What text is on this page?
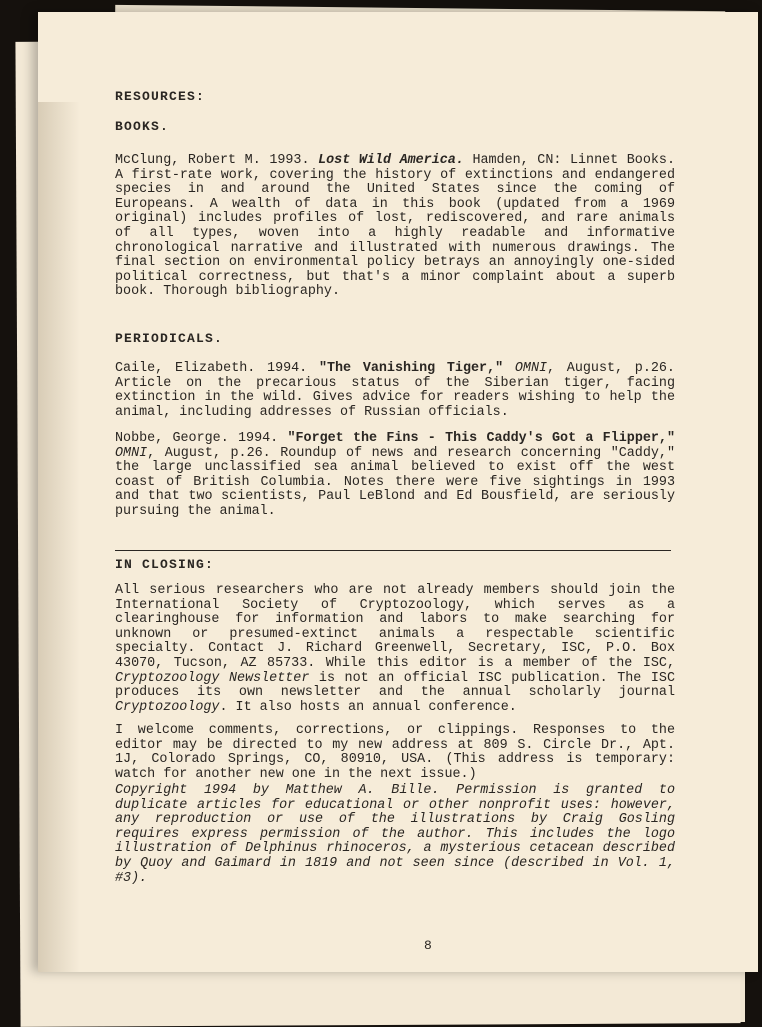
RESOURCES:
BOOKS.

McClung, Robert M. 1993. Lost Wild America. Hamden, CN: Linnet Books. A first-rate work, covering the history of extinctions and endangered species in and around the United States since the coming of Europeans. A wealth of data in this book (updated from a 1969 original) includes profiles of lost, rediscovered, and rare animals of all types, woven into a highly readable and informative chronological narrative and illustrated with numerous drawings. The final section on environmental policy betrays an annoyingly one-sided political correctness, but that's a minor complaint about a superb book. Thorough bibliography.

PERIODICALS.

Caile, Elizabeth. 1994. "The Vanishing Tiger," OMNI, August, p.26. Article on the precarious status of the Siberian tiger, facing extinction in the wild. Gives advice for readers wishing to help the animal, including addresses of Russian officials.

Nobbe, George. 1994. "Forget the Fins - This Caddy's Got a Flipper," OMNI, August, p.26. Roundup of news and research concerning "Caddy," the large unclassified sea animal believed to exist off the west coast of British Columbia. Notes there were five sightings in 1993 and that two scientists, Paul LeBlond and Ed Bousfield, are seriously pursuing the animal.

IN CLOSING:

All serious researchers who are not already members should join the International Society of Cryptozoology, which serves as a clearinghouse for information and labors to make searching for unknown or presumed-extinct animals a respectable scientific specialty. Contact J. Richard Greenwell, Secretary, ISC, P.O. Box 43070, Tucson, AZ 85733. While this editor is a member of the ISC, Cryptozoology Newsletter is not an official ISC publication. The ISC produces its own newsletter and the annual scholarly journal Cryptozoology. It also hosts an annual conference.

I welcome comments, corrections, or clippings. Responses to the editor may be directed to my new address at 809 S. Circle Dr., Apt. 1J, Colorado Springs, CO, 80910, USA. (This address is temporary: watch for another new one in the next issue.)

Copyright 1994 by Matthew A. Bille. Permission is granted to duplicate articles for educational or other nonprofit uses: however, any reproduction or use of the illustrations by Craig Gosling requires express permission of the author. This includes the logo illustration of Delphinus rhinoceros, a mysterious cetacean described by Quoy and Gaimard in 1819 and not seen since (described in Vol. 1, #3).

8
